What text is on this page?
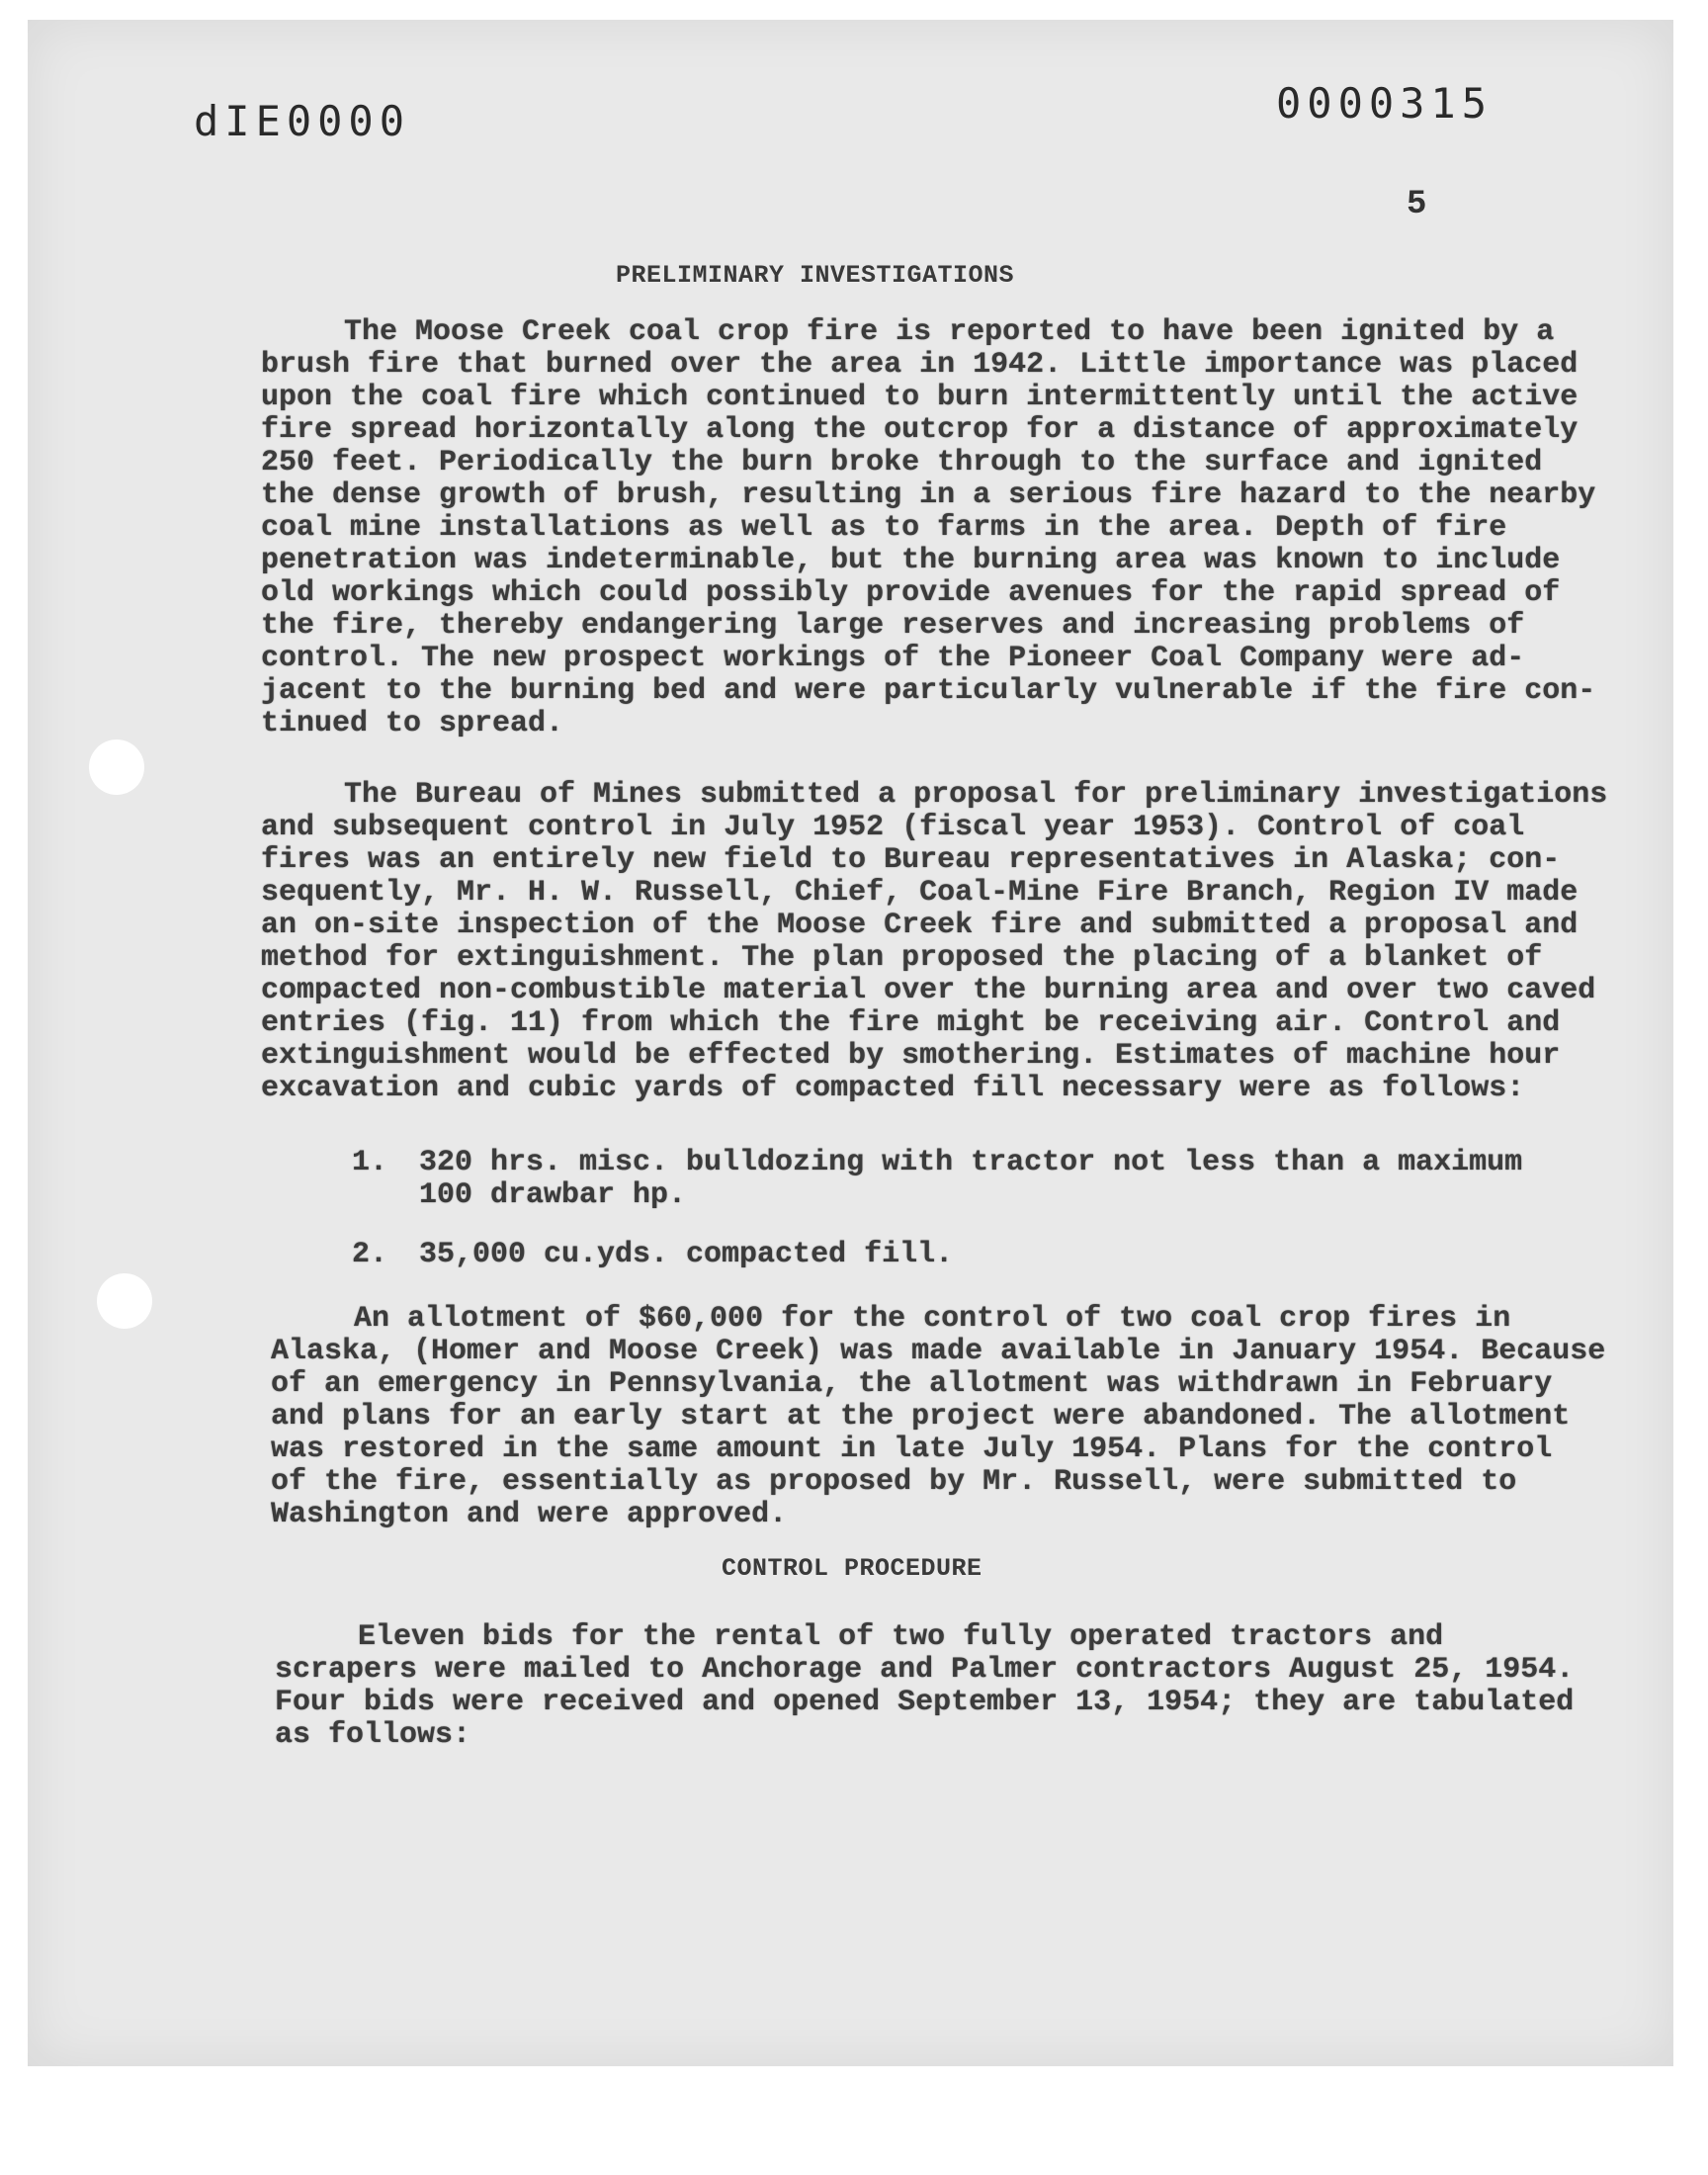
dIE0000	0000315
5
PRELIMINARY INVESTIGATIONS
The Moose Creek coal crop fire is reported to have been ignited by a
brush fire that burned over the area in 1942. Little importance was placed
upon the coal fire which continued to burn intermittently until the active
fire spread horizontally along the outcrop for a distance of approximately
250 feet. Periodically the burn broke through to the surface and ignited
the dense growth of brush, resulting in a serious fire hazard to the nearby
coal mine installations as well as to farms in the area. Depth of fire
penetration was indeterminable, but the burning area was known to include
old workings which could possibly provide avenues for the rapid spread of
the fire, thereby endangering large reserves and increasing problems of
control. The new prospect workings of the Pioneer Coal Company were ad-
jacent to the burning bed and were particularly vulnerable if the fire con-
tinued to spread.
The Bureau of Mines submitted a proposal for preliminary investigations
and subsequent control in July 1952 (fiscal year 1953). Control of coal
fires was an entirely new field to Bureau representatives in Alaska; con-
sequently, Mr. H. W. Russell, Chief, Coal-Mine Fire Branch, Region IV made
an on-site inspection of the Moose Creek fire and submitted a proposal and
method for extinguishment. The plan proposed the placing of a blanket of
compacted non-combustible material over the burning area and over two caved
entries (fig. 11) from which the fire might be receiving air. Control and
extinguishment would be effected by smothering. Estimates of machine hour
excavation and cubic yards of compacted fill necessary were as follows:
1. 320 hrs. misc. bulldozing with tractor not less than a maximum
100 drawbar hp.
2. 35,000 cu.yds. compacted fill.
An allotment of $60,000 for the control of two coal crop fires in
Alaska, (Homer and Moose Creek) was made available in January 1954. Because
of an emergency in Pennsylvania, the allotment was withdrawn in February
and plans for an early start at the project were abandoned. The allotment
was restored in the same amount in late July 1954. Plans for the control
of the fire, essentially as proposed by Mr. Russell, were submitted to
Washington and were approved.
CONTROL PROCEDURE
Eleven bids for the rental of two fully operated tractors and
scrapers were mailed to Anchorage and Palmer contractors August 25, 1954.
Four bids were received and opened September 13, 1954; they are tabulated
as follows:
